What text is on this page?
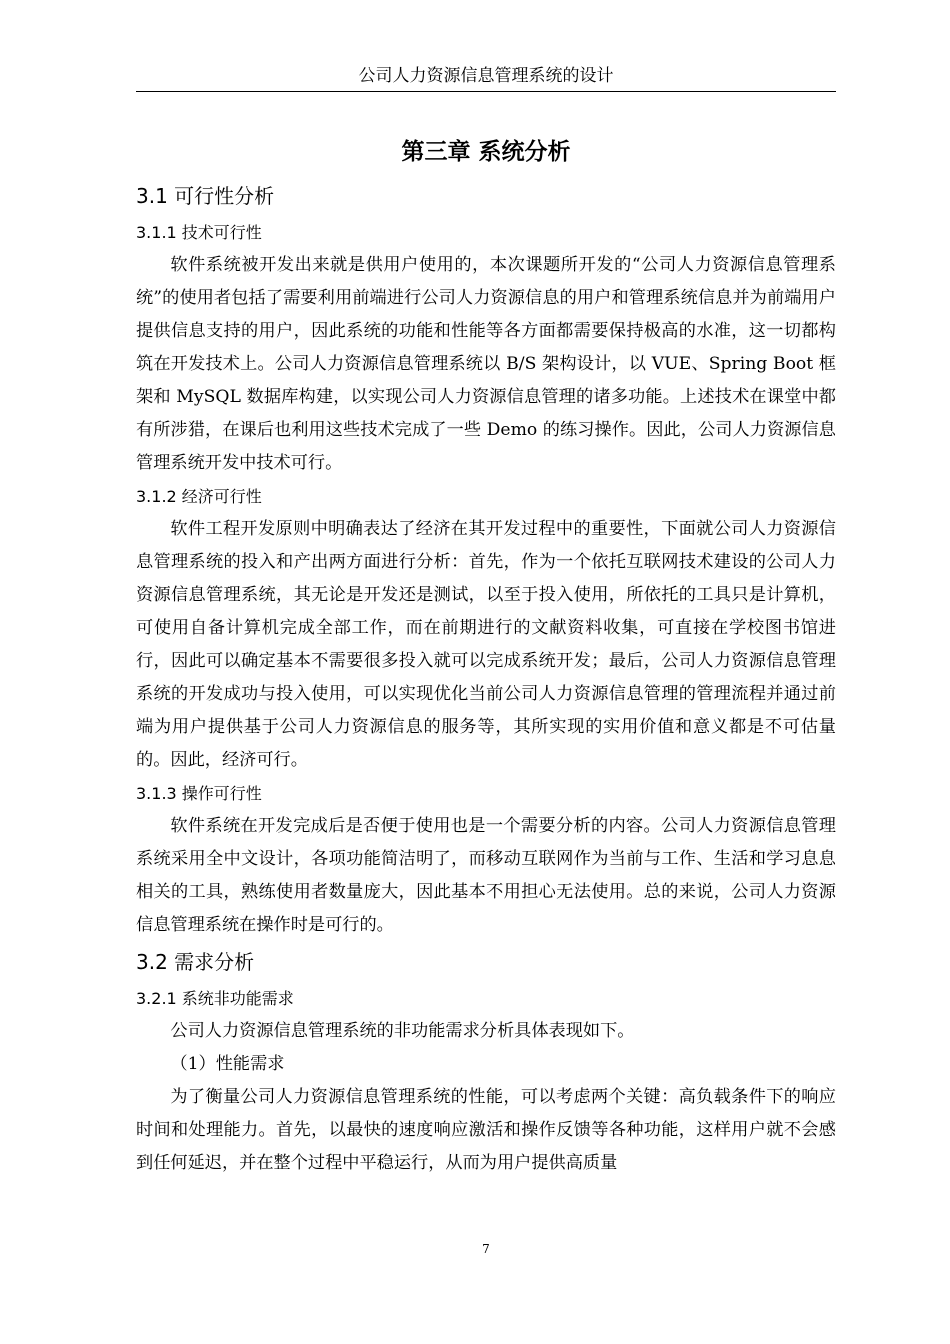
公司人力资源信息管理系统的设计
第三章 系统分析
3.1 可行性分析
3.1.1 技术可行性

软件系统被开发出来就是供用户使用的，本次课题所开发的“公司人力资源信息管理系统”的使用者包括了需要利用前端进行公司人力资源信息的用户和管理系统信息并为前端用户提供信息支持的用户，因此系统的功能和性能等各方面都需要保持极高的水准，这一切都构筑在开发技术上。公司人力资源信息管理系统以 B/S 架构设计，以 VUE、Spring Boot 框架和 MySQL 数据库构建，以实现公司人力资源信息管理的诸多功能。上述技术在课堂中都有所涉猎，在课后也利用这些技术完成了一些 Demo 的练习操作。因此，公司人力资源信息管理系统开发中技术可行。

3.1.2 经济可行性

软件工程开发原则中明确表达了经济在其开发过程中的重要性，下面就公司人力资源信息管理系统的投入和产出两方面进行分析：首先，作为一个依托互联网技术建设的公司人力资源信息管理系统，其无论是开发还是测试，以至于投入使用，所依托的工具只是计算机，可使用自备计算机完成全部工作，而在前期进行的文献资料收集，可直接在学校图书馆进行，因此可以确定基本不需要很多投入就可以完成系统开发；最后，公司人力资源信息管理系统的开发成功与投入使用，可以实现优化当前公司人力资源信息管理的管理流程并通过前端为用户提供基于公司人力资源信息的服务等，其所实现的实用价值和意义都是不可估量的。因此，经济可行。

3.1.3 操作可行性

软件系统在开发完成后是否便于使用也是一个需要分析的内容。公司人力资源信息管理系统采用全中文设计，各项功能简洁明了，而移动互联网作为当前与工作、生活和学习息息相关的工具，熟练使用者数量庞大，因此基本不用担心无法使用。总的来说，公司人力资源信息管理系统在操作时是可行的。

3.2 需求分析
3.2.1 系统非功能需求

公司人力资源信息管理系统的非功能需求分析具体表现如下。

（1）性能需求

为了衡量公司人力资源信息管理系统的性能，可以考虑两个关键：高负载条件下的响应时间和处理能力。首先，以最快的速度响应激活和操作反馈等各种功能，这样用户就不会感到任何延迟，并在整个过程中平稳运行，从而为用户提供高质量

7
